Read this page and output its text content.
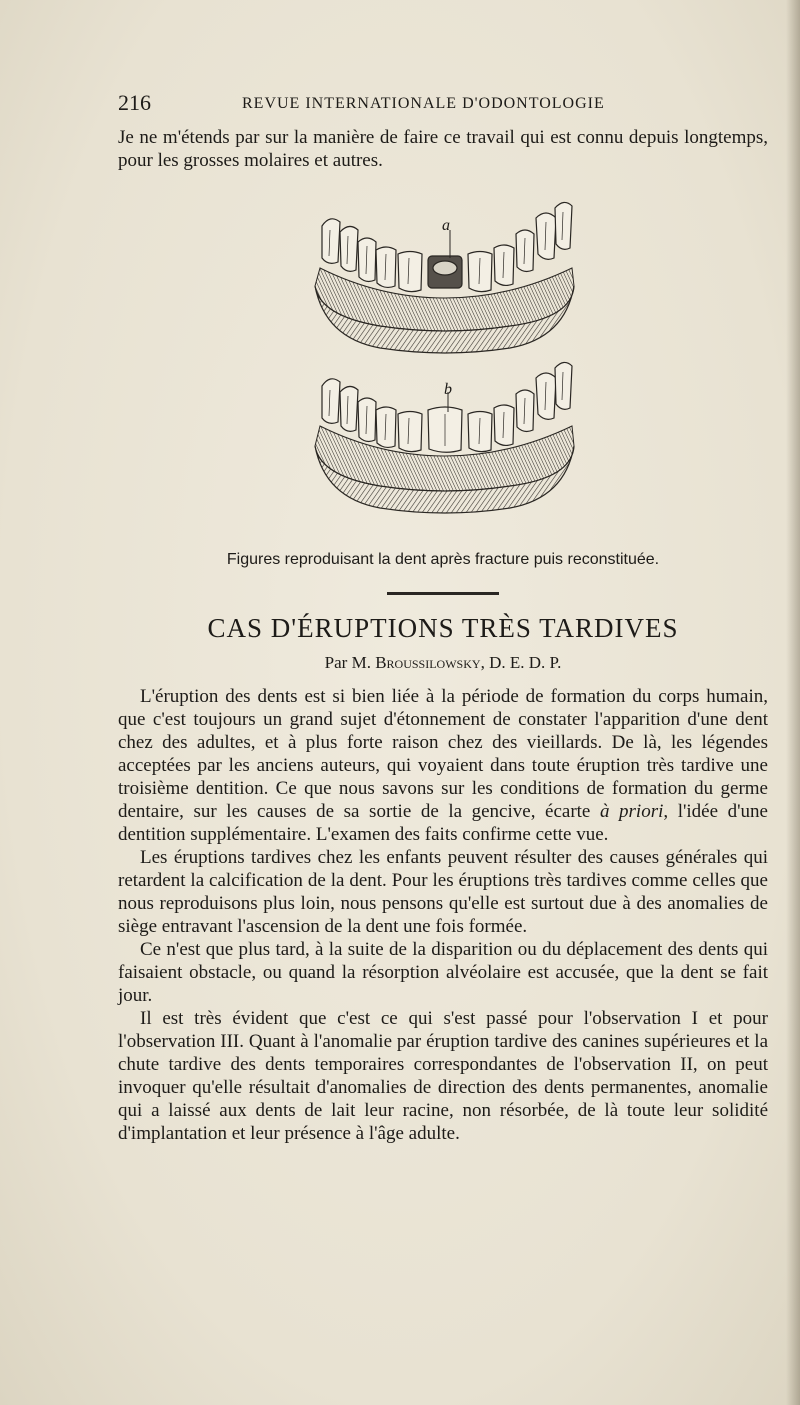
216	REVUE INTERNATIONALE D'ODONTOLOGIE

Je ne m'étends par sur la manière de faire ce travail qui est connu depuis longtemps, pour les grosses molaires et autres.

a
b
Figures reproduisant la dent après fracture puis reconstituée.
CAS D'ÉRUPTIONS TRÈS TARDIVES
Par M. Broussilowsky, D. E. D. P.

L'éruption des dents est si bien liée à la période de formation du corps humain, que c'est toujours un grand sujet d'étonnement de constater l'apparition d'une dent chez des adultes, et à plus forte raison chez des vieillards. De là, les légendes acceptées par les anciens auteurs, qui voyaient dans toute éruption très tardive une troisième dentition. Ce que nous savons sur les conditions de formation du germe dentaire, sur les causes de sa sortie de la gencive, écarte à priori, l'idée d'une dentition supplémentaire. L'examen des faits confirme cette vue.

Les éruptions tardives chez les enfants peuvent résulter des causes générales qui retardent la calcification de la dent. Pour les éruptions très tardives comme celles que nous reproduisons plus loin, nous pensons qu'elle est surtout due à des anomalies de siège entravant l'ascension de la dent une fois formée.

Ce n'est que plus tard, à la suite de la disparition ou du déplacement des dents qui faisaient obstacle, ou quand la résorption alvéolaire est accusée, que la dent se fait jour.

Il est très évident que c'est ce qui s'est passé pour l'observation I et pour l'observation III. Quant à l'anomalie par éruption tardive des canines supérieures et la chute tardive des dents temporaires correspondantes de l'observation II, on peut invoquer qu'elle résultait d'anomalies de direction des dents permanentes, anomalie qui a laissé aux dents de lait leur racine, non résorbée, de là toute leur solidité d'implantation et leur présence à l'âge adulte.
